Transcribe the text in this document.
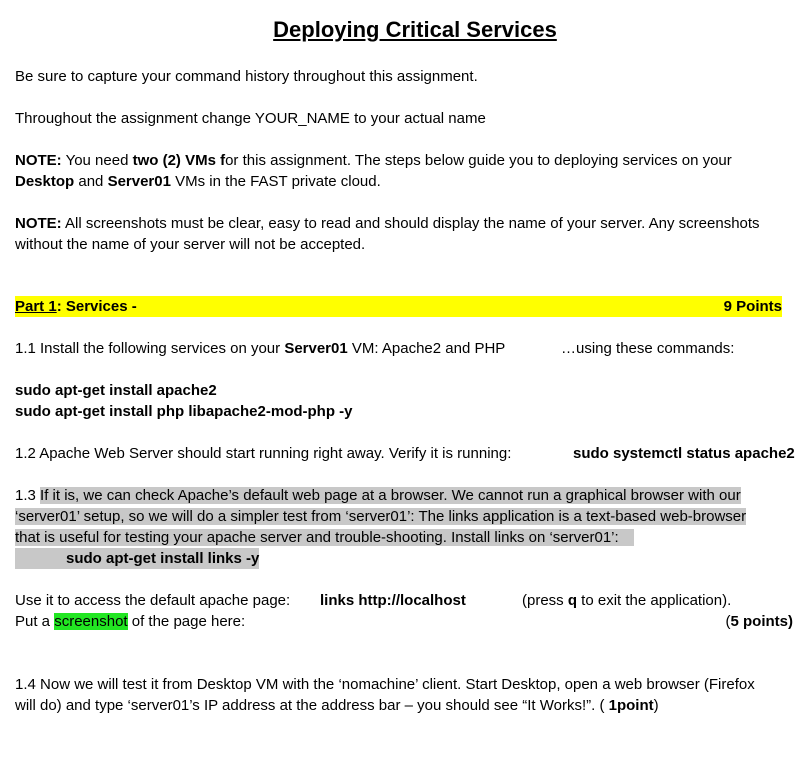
Deploying Critical Services
Be sure to capture your command history throughout this assignment.
Throughout the assignment change YOUR_NAME to your actual name
NOTE: You need two (2) VMs for this assignment. The steps below guide you to deploying services on your
Desktop and Server01 VMs in the FAST private cloud.
NOTE: All screenshots must be clear, easy to read and should display the name of your server. Any screenshots
without the name of your server will not be accepted.
Part 1: Services -	9 Points
1.1 Install the following services on your Server01 VM: Apache2 and PHP	…using these commands:
sudo apt-get install apache2
sudo apt-get install php libapache2-mod-php -y
1.2 Apache Web Server should start running right away. Verify it is running:	sudo systemctl status apache2
1.3 If it is, we can check Apache’s default web page at a browser. We cannot run a graphical browser with our
‘server01’ setup, so we will do a simpler test from ‘server01’: The links application is a text-based web-browser
that is useful for testing your apache server and trouble-shooting. Install links on ‘server01’:
sudo apt-get install links -y
Use it to access the default apache page: links http://localhost	(press q to exit the application).
Put a screenshot of the page here:	(5 points)
1.4 Now we will test it from Desktop VM with the ‘nomachine’ client. Start Desktop, open a web browser (Firefox
will do) and type ‘server01’s IP address at the address bar – you should see “It Works!”. ( 1point)
